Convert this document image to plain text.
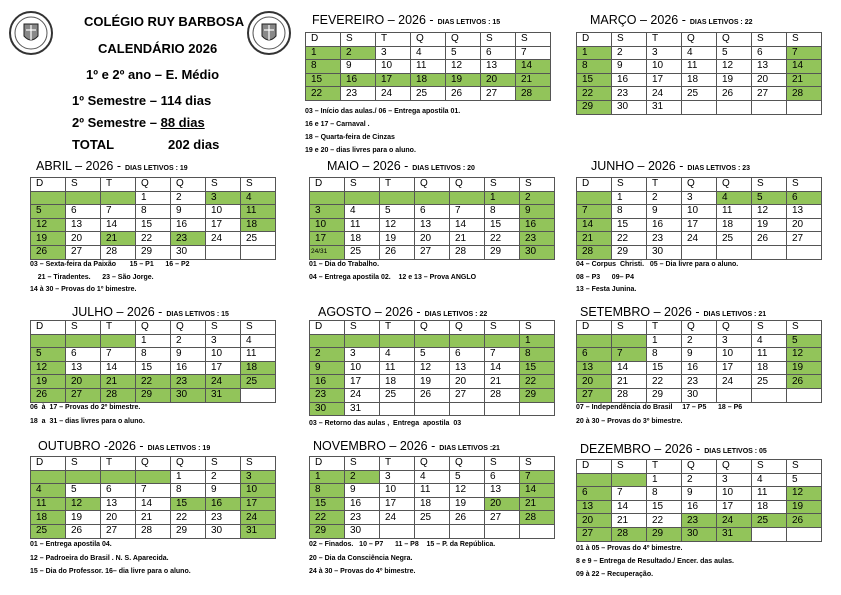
COLÉGIO RUY BARBOSA
CALENDÁRIO 2026
1º e 2º ano – E. Médio
1º Semestre – 114 dias
2º Semestre – 88 dias
TOTAL	202 dias
FEVEREIRO – 2026 - DIAS LETIVOS : 15
D	S	T	Q	Q	S	S
1	2	3	4	5	6	7
8	9	10	11	12	13	14
15	16	17	18	19	20	21
22	23	24	25	26	27	28
03 – Início das aulas./ 06 – Entrega apostila 01.
16 e 17 – Carnaval .
18 – Quarta-feira de Cinzas
19 e 20 – dias livres para o aluno.
MARÇO – 2026 - DIAS LETIVOS : 22
D	S	T	Q	Q	S	S
1	2	3	4	5	6	7
8	9	10	11	12	13	14
15	16	17	18	19	20	21
22	23	24	25	26	27	28
29	30	31				
ABRIL – 2026 - DIAS LETIVOS : 19
D	S	T	Q	Q	S	S
			1	2	3	4
5	6	7	8	9	10	11
12	13	14	15	16	17	18
19	20	21	22	23	24	25
26	27	28	29	30		
03 – Sexta-feira da Paixão       15 – P1      16 – P2
21 – Tiradentes.      23 – São Jorge.
14 à 30 – Provas do 1º bimestre.
MAIO – 2026 - DIAS LETIVOS : 20
D	S	T	Q	Q	S	S
					1	2
3	4	5	6	7	8	9
10	11	12	13	14	15	16
17	18	19	20	21	22	23
24/31	25	26	27	28	29	30
01 – Dia do Trabalho.
04 – Entrega apostila 02.    12 e 13 – Prova ANGLO
JUNHO – 2026 - DIAS LETIVOS : 23
D	S	T	Q	Q	S	S
	1	2	3	4	5	6
7	8	9	10	11	12	13
14	15	16	17	18	19	20
21	22	23	24	25	26	27
28	29	30				
04 – Corpus  Christi.   05 – Dia livre para o aluno.
08 – P3      09– P4
13 – Festa Junina.
JULHO – 2026 - DIAS LETIVOS : 15
D	S	T	Q	Q	S	S
			1	2	3	4
5	6	7	8	9	10	11
12	13	14	15	16	17	18
19	20	21	22	23	24	25
26	27	28	29	30	31	
06  à  17 – Provas do 2º bimestre.
18  a  31 – dias livres para o aluno.
AGOSTO – 2026 - DIAS LETIVOS : 22
D	S	T	Q	Q	S	S
						1
2	3	4	5	6	7	8
9	10	11	12	13	14	15
16	17	18	19	20	21	22
23	24	25	26	27	28	29
30	31					
03 – Retorno das aulas ,  Entrega  apostila  03
SETEMBRO – 2026 - DIAS LETIVOS : 21
D	S	T	Q	Q	S	S
		1	2	3	4	5
6	7	8	9	10	11	12
13	14	15	16	17	18	19
20	21	22	23	24	25	26
27	28	29	30			
07 – Independência do Brasil     17 – P5      18 – P6
20 à 30 – Provas do 3º bimestre.
OUTUBRO -2026 - DIAS LETIVOS : 19
D	S	T	Q	Q	S	S
				1	2	3
4	5	6	7	8	9	10
11	12	13	14	15	16	17
18	19	20	21	22	23	24
25	26	27	28	29	30	31
01 – Entrega apostila 04.
12 – Padroeira do Brasil . N. S. Aparecida.
15 – Dia do Professor. 16– dia livre para o aluno.
NOVEMBRO – 2026 - DIAS LETIVOS :21
D	S	T	Q	Q	S	S
1	2	3	4	5	6	7
8	9	10	11	12	13	14
15	16	17	18	19	20	21
22	23	24	25	26	27	28
29	30					
02 – Finados.   10 – P7      11 – P8    15 – P. da República.
20 – Dia da Consciência Negra.
24 à 30 – Provas do 4º bimestre.
DEZEMBRO – 2026 - DIAS LETIVOS : 05
D	S	T	Q	Q	S	S
		1	2	3	4	5
6	7	8	9	10	11	12
13	14	15	16	17	18	19
20	21	22	23	24	25	26
27	28	29	30	31		
01 à 05 – Provas do 4º bimestre.
8 e 9 – Entrega de Resultado./ Encer. das aulas.
09 à 22 – Recuperação.
